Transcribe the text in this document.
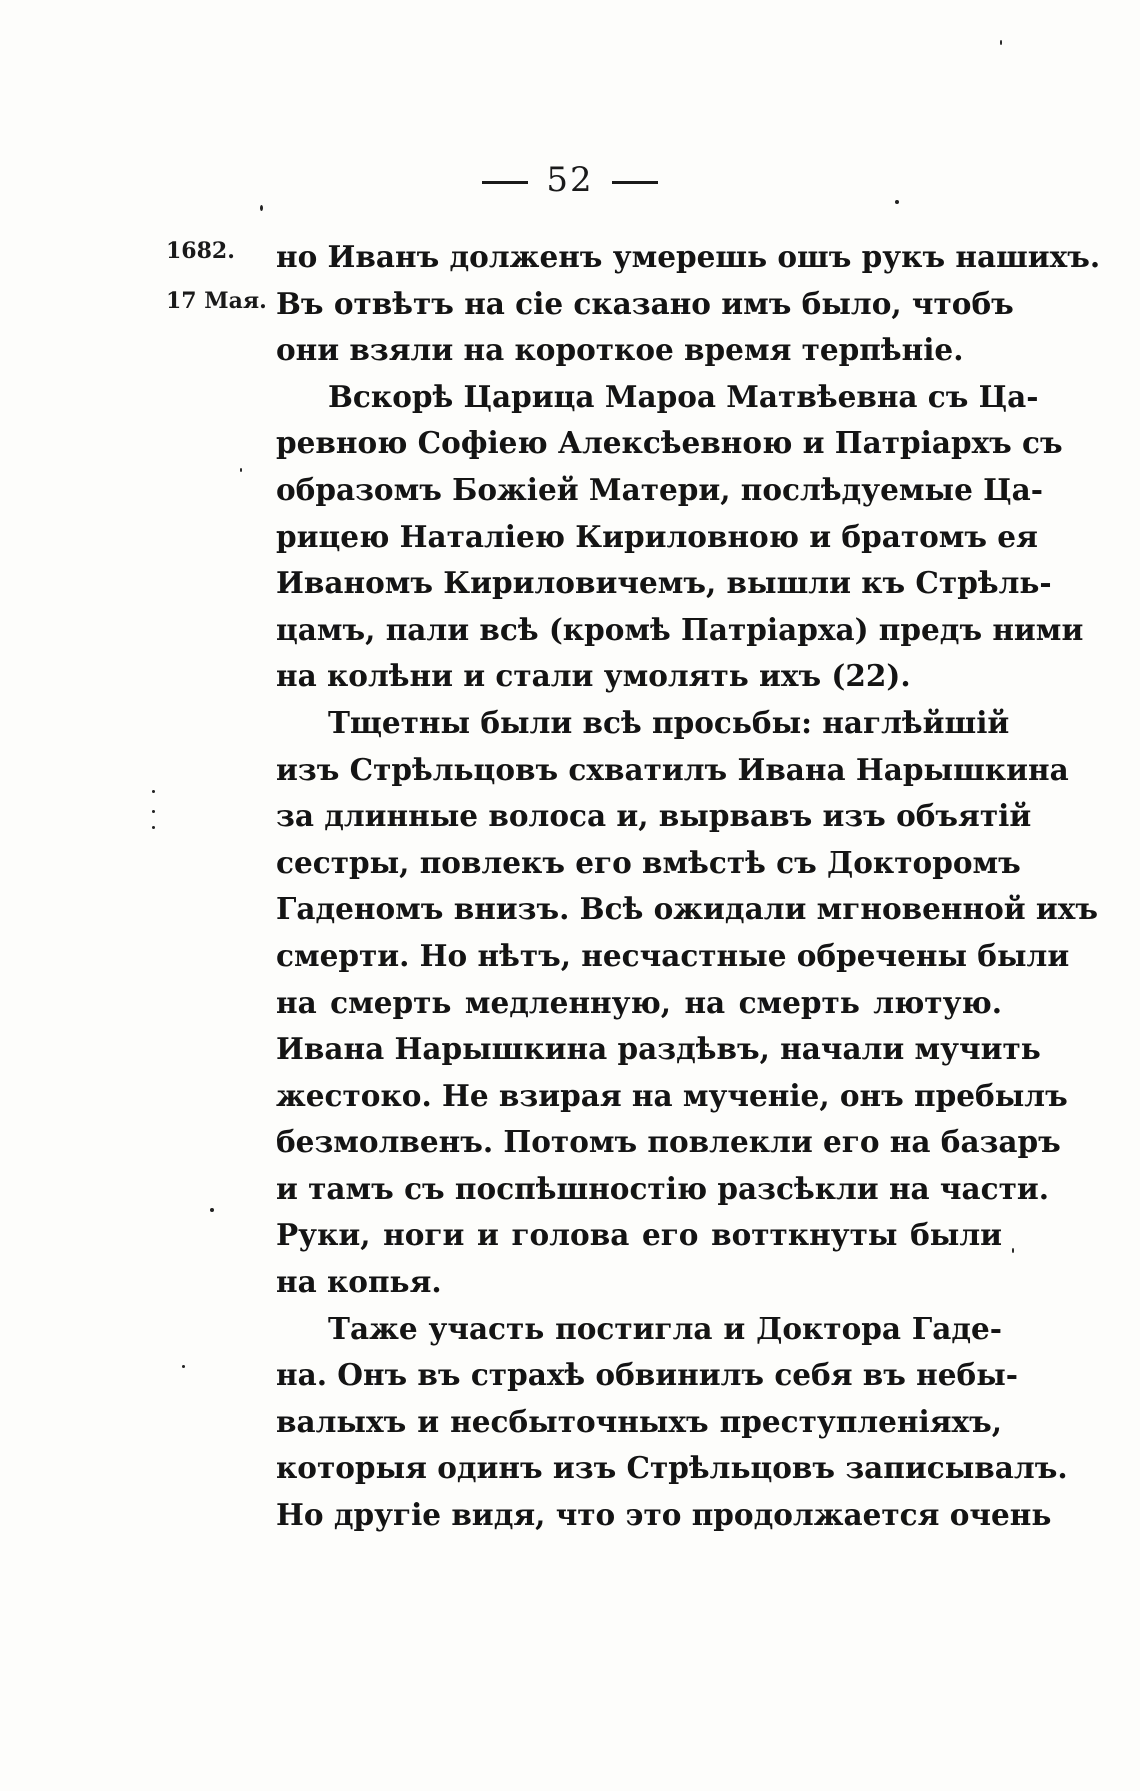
52
1682.
17 Мая.
но Иванъ долженъ умерешь ошъ рукъ нашихъ.
Въ отвѣтъ на сіе сказано имъ было, чтобъ
они взяли на короткое время терпѣніе.
Вскорѣ Царица Мароа Матвѣевна съ Ца-
ревною Софіею Алексѣевною и Патріархъ съ
образомъ Божіей Матери, послѣдуемые Ца-
рицею Наталіею Кириловною и братомъ ея
Иваномъ Кириловичемъ, вышли къ Стрѣль-
цамъ, пали всѣ (кромѣ Патріарха) предъ ними
на колѣни и стали умолять ихъ (22).
Тщетны были всѣ просьбы: наглѣйшій
изъ Стрѣльцовъ схватилъ Ивана Нарышкина
за длинные волоса и, вырвавъ изъ объятій
сестры, повлекъ его вмѣстѣ съ Докторомъ
Гаденомъ внизъ. Всѣ ожидали мгновенной ихъ
смерти. Но нѣтъ, несчастные обречены были
на смерть медленную, на смерть лютую.
Ивана Нарышкина раздѣвъ, начали мучить
жестоко. Не взирая на мученіе, онъ пребылъ
безмолвенъ. Потомъ повлекли его на базаръ
и тамъ съ поспѣшностію разсѣкли на части.
Руки, ноги и голова его вотткнуты были
на копья.
Таже участь постигла и Доктора Гаде-
на. Онъ въ страхѣ обвинилъ себя въ небы-
валыхъ и несбыточныхъ преступленіяхъ,
которыя одинъ изъ Стрѣльцовъ записывалъ.
Но другіе видя, что это продолжается очень
